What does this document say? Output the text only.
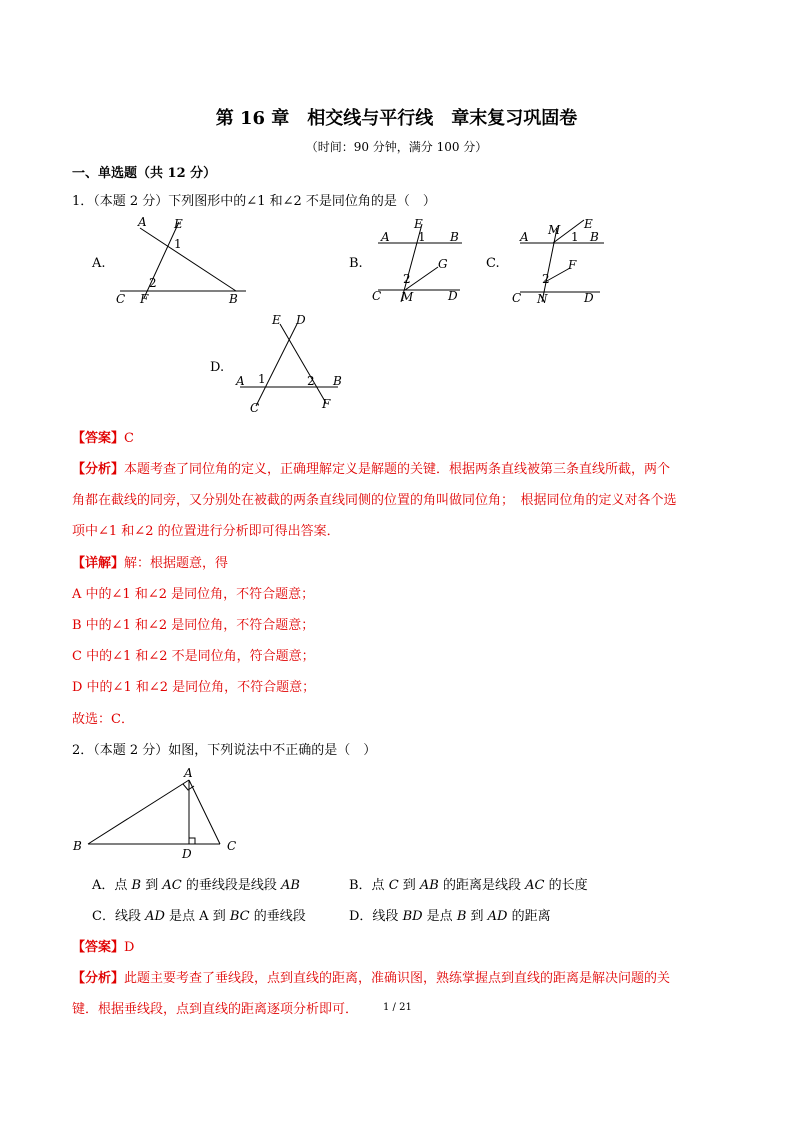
第 16 章　相交线与平行线　章末复习巩固卷
（时间：90 分钟，满分 100 分）
一、单选题（共 12 分）
1．（本题 2 分）下列图形中的∠1 和∠2 不是同位角的是（　）
A.
A E
1
2
C F	B
B.
A
E
1 B
G
2
C M	D
C.
A M E
1 B
F
2
C N	D
D.
E D
A 1	2 B
C	F
【答案】C
【分析】本题考查了同位角的定义，正确理解定义是解题的关键．根据两条直线被第三条直线所截，两个
角都在截线的同旁，又分别处在被截的两条直线同侧的位置的角叫做同位角；　根据同位角的定义对各个选
项中∠1 和∠2 的位置进行分析即可得出答案．
【详解】解：根据题意，得
A 中的∠1 和∠2 是同位角，不符合题意；
B 中的∠1 和∠2 是同位角，不符合题意；
C 中的∠1 和∠2 不是同位角，符合题意；
D 中的∠1 和∠2 是同位角，不符合题意；
故选：C．
2．（本题 2 分）如图，下列说法中不正确的是（　）
A
B
D
C
A．点 B 到 AC 的垂线段是线段 AB	B．点 C 到 AB 的距离是线段 AC 的长度
C．线段 AD 是点 A 到 BC 的垂线段	D．线段 BD 是点 B 到 AD 的距离
【答案】D
【分析】此题主要考查了垂线段，点到直线的距离，准确识图，熟练掌握点到直线的距离是解决问题的关
键．根据垂线段，点到直线的距离逐项分析即可． 1 / 21
